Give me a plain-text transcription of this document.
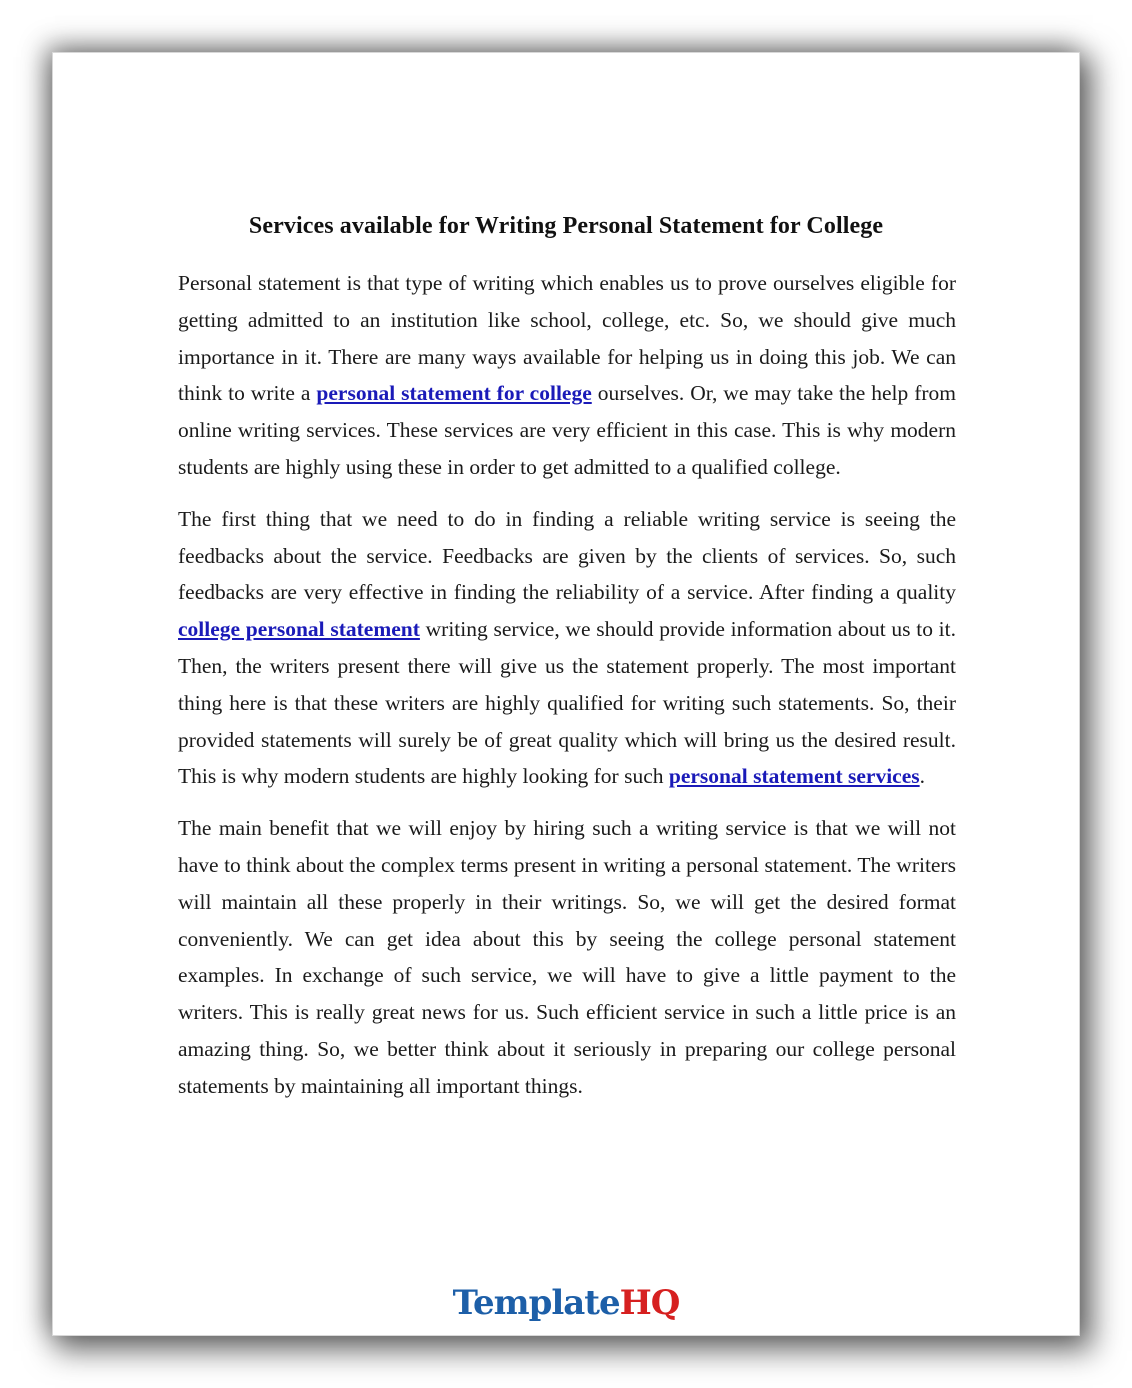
Services available for Writing Personal Statement for College

Personal statement is that type of writing which enables us to prove ourselves eligible for getting admitted to an institution like school, college, etc. So, we should give much importance in it. There are many ways available for helping us in doing this job. We can think to write a personal statement for college ourselves. Or, we may take the help from online writing services. These services are very efficient in this case. This is why modern students are highly using these in order to get admitted to a qualified college.

The first thing that we need to do in finding a reliable writing service is seeing the feedbacks about the service. Feedbacks are given by the clients of services. So, such feedbacks are very effective in finding the reliability of a service. After finding a quality college personal statement writing service, we should provide information about us to it. Then, the writers present there will give us the statement properly. The most important thing here is that these writers are highly qualified for writing such statements. So, their provided statements will surely be of great quality which will bring us the desired result. This is why modern students are highly looking for such personal statement services.

The main benefit that we will enjoy by hiring such a writing service is that we will not have to think about the complex terms present in writing a personal statement. The writers will maintain all these properly in their writings. So, we will get the desired format conveniently. We can get idea about this by seeing the college personal statement examples. In exchange of such service, we will have to give a little payment to the writers. This is really great news for us. Such efficient service in such a little price is an amazing thing. So, we better think about it seriously in preparing our college personal statements by maintaining all important things.

TemplateHQ
